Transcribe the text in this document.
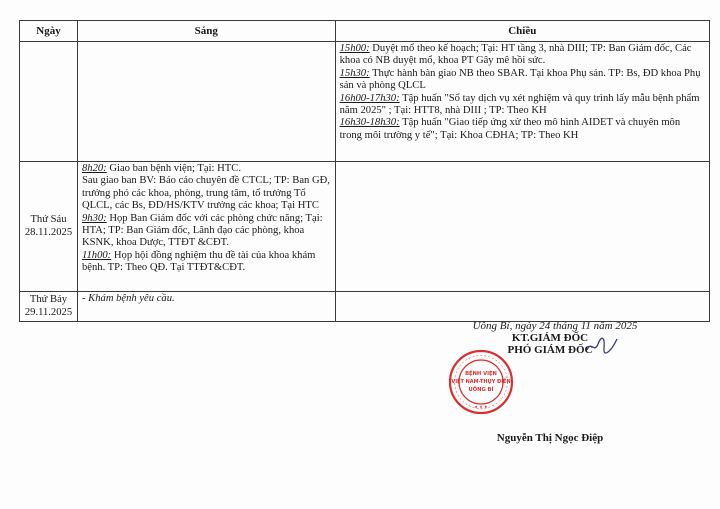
Ngày	Sáng	Chiều

		15h00: Duyệt mổ theo kế hoạch; Tại: HT tầng 3, nhà DIII; TP: Ban Giám đốc, Các khoa có NB duyệt mổ, khoa PT Gây mê hồi sức.
15h30: Thực hành bàn giao NB theo SBAR. Tại khoa Phụ sản. TP: Bs, ĐD khoa Phụ sản và phòng QLCL
16h00-17h30: Tập huấn "Sổ tay dịch vụ xét nghiệm và quy trình lấy mẫu bệnh phẩm năm 2025" ; Tại: HTT8, nhà DIII ; TP: Theo KH
16h30-18h30: Tập huấn "Giao tiếp ứng xử theo mô hình AIDET và chuyên môn trong môi trường y tế"; Tại: Khoa CĐHA; TP: Theo KH

Thứ Sáu
28.11.2025	8h20: Giao ban bệnh viện; Tại: HTC.
Sau giao ban BV: Báo cáo chuyên đề CTCL; TP: Ban GĐ, trưởng phó các khoa, phòng, trung tâm, tổ trưởng Tổ QLCL, các Bs, ĐD/HS/KTV trưởng các khoa; Tại HTC
9h30: Họp Ban Giám đốc với các phòng chức năng; Tại: HTA; TP: Ban Giám đốc, Lãnh đạo các phòng, khoa KSNK, khoa Dược, TTĐT &CĐT.
11h00: Họp hội đồng nghiệm thu đề tài của khoa khám bệnh. TP: Theo QĐ. Tại TTĐT&CĐT.	

Thứ Bảy
29.11.2025	- Khám bệnh yêu cầu.	
Uông Bí, ngày 24 tháng 11 năm 2025
KT.GIÁM ĐỐC
PHÓ GIÁM ĐỐC
Nguyễn Thị Ngọc Điệp
BỆNH VIỆN
VIỆT NAM-THỤY ĐIỂN
UÔNG BÍ
★ ★ ★
